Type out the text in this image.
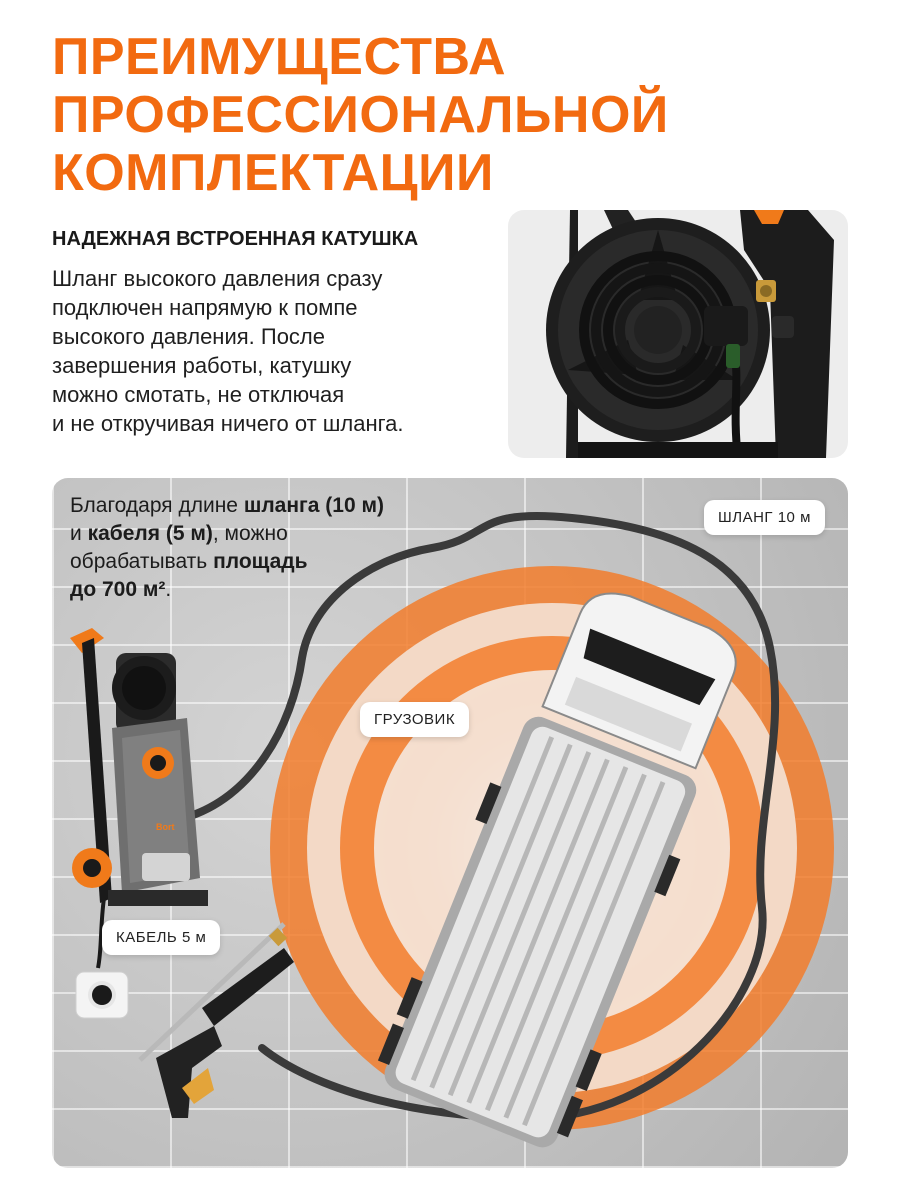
ПРЕИМУЩЕСТВА
ПРОФЕССИОНАЛЬНОЙ
КОМПЛЕКТАЦИИ
НАДЕЖНАЯ ВСТРОЕННАЯ КАТУШКА

Шланг высокого давления сразу
подключен напрямую к помпе
высокого давления. После
завершения работы, катушку
можно смотать, не отключая
и не откручивая ничего от шланга.

Bort

Благодаря длине шланга (10 м)
и кабеля (5 м), можно
обрабатывать площадь
до 700 м².

ШЛАНГ 10 м
ГРУЗОВИК
КАБЕЛЬ 5 м
